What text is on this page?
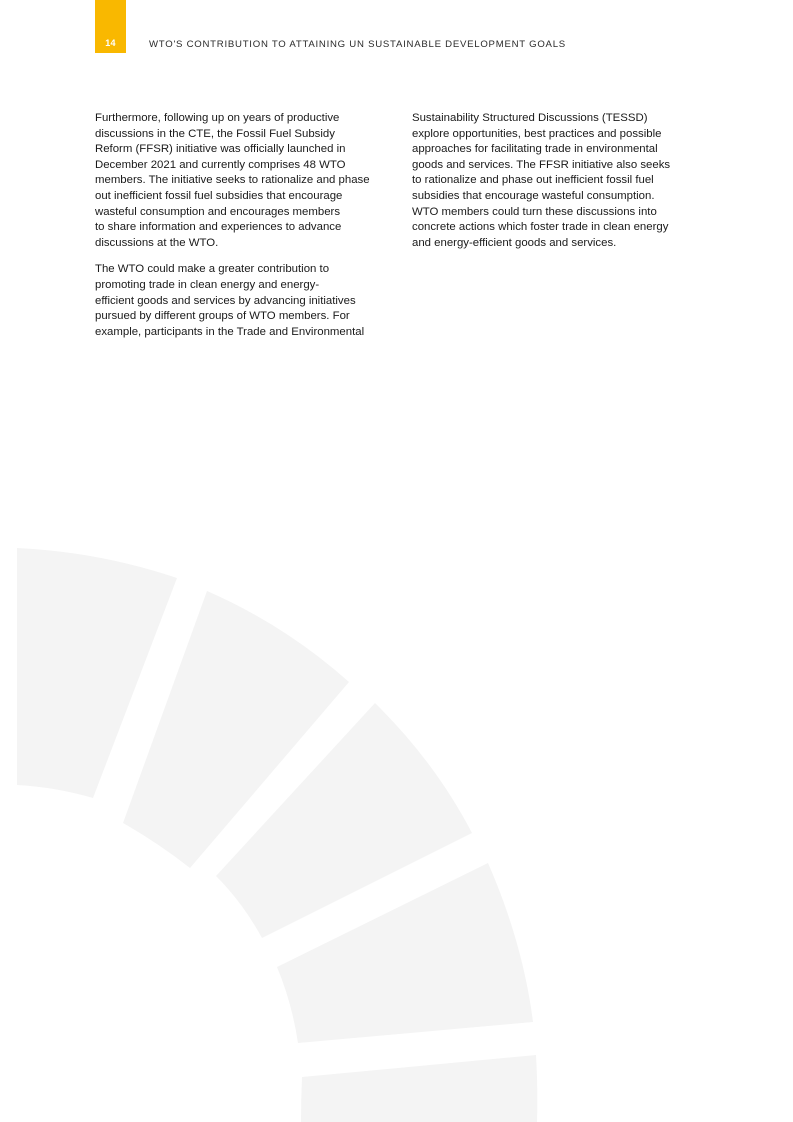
14	WTO'S CONTRIBUTION TO ATTAINING UN SUSTAINABLE DEVELOPMENT GOALS

Furthermore, following up on years of productive
discussions in the CTE, the Fossil Fuel Subsidy
Reform (FFSR) initiative was officially launched in
December 2021 and currently comprises 48 WTO
members. The initiative seeks to rationalize and phase
out inefficient fossil fuel subsidies that encourage
wasteful consumption and encourages members
to share information and experiences to advance
discussions at the WTO.

The WTO could make a greater contribution to
promoting trade in clean energy and energy-
efficient goods and services by advancing initiatives
pursued by different groups of WTO members. For
example, participants in the Trade and Environmental

Sustainability Structured Discussions (TESSD)
explore opportunities, best practices and possible
approaches for facilitating trade in environmental
goods and services. The FFSR initiative also seeks
to rationalize and phase out inefficient fossil fuel
subsidies that encourage wasteful consumption.
WTO members could turn these discussions into
concrete actions which foster trade in clean energy
and energy-efficient goods and services.
